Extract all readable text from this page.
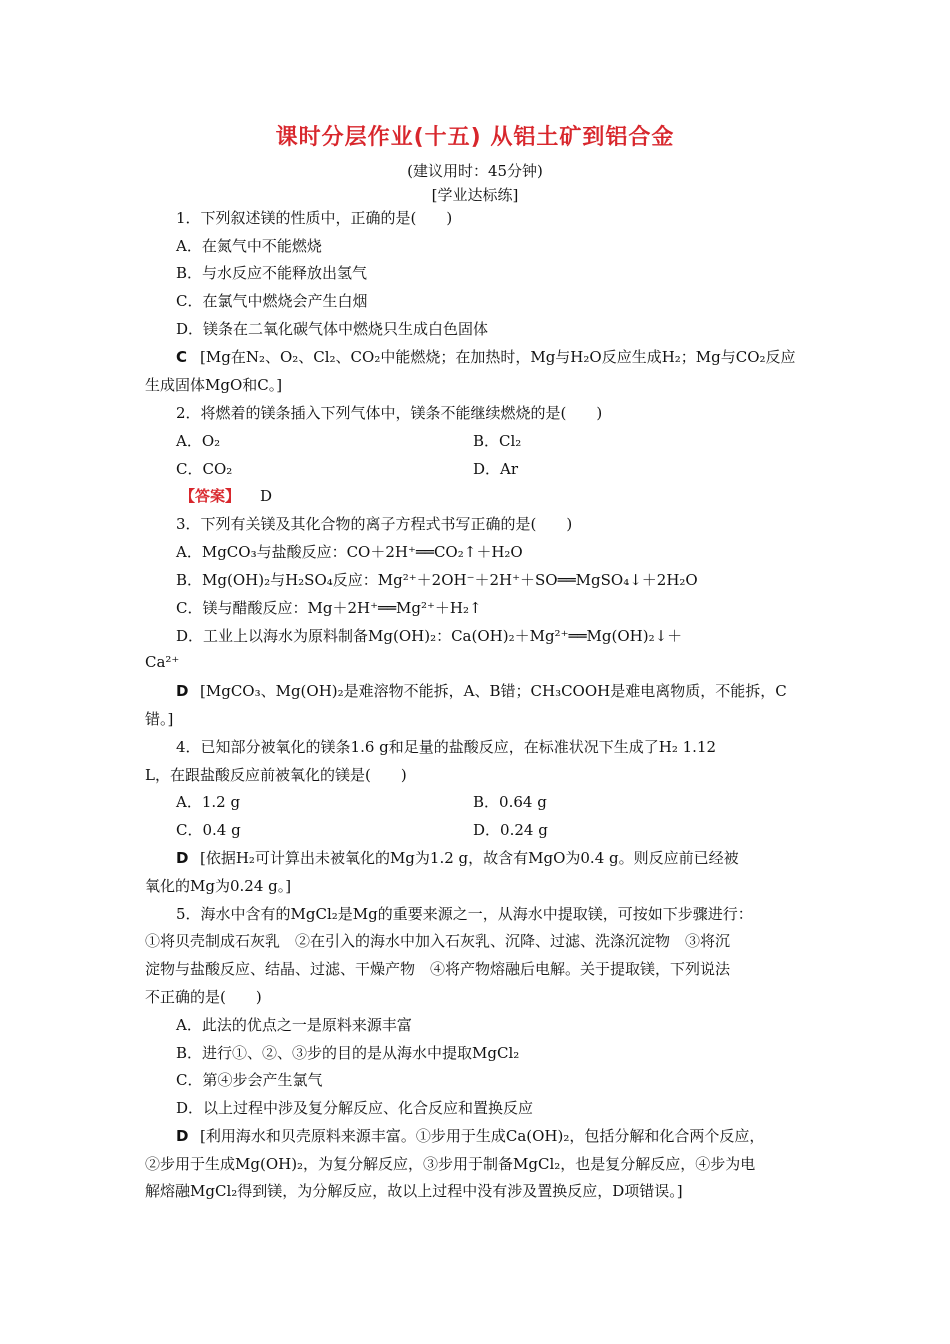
课时分层作业(十五) 从铝土矿到铝合金
(建议用时：45分钟)
[学业达标练]
1．下列叙述镁的性质中，正确的是(　　)
A．在氮气中不能燃烧
B．与水反应不能释放出氢气
C．在氯气中燃烧会产生白烟
D．镁条在二氧化碳气体中燃烧只生成白色固体
C [Mg在N₂、O₂、Cl₂、CO₂中能燃烧；在加热时，Mg与H₂O反应生成H₂；Mg与CO₂反应
生成固体MgO和C。]
2．将燃着的镁条插入下列气体中，镁条不能继续燃烧的是(　　)
A．O₂	B．Cl₂
C．CO₂	D．Ar
【答案】 D
3．下列有关镁及其化合物的离子方程式书写正确的是(　　)
A．MgCO₃与盐酸反应：CO＋2H⁺══CO₂↑＋H₂O
B．Mg(OH)₂与H₂SO₄反应：Mg²⁺＋2OH⁻＋2H⁺＋SO══MgSO₄↓＋2H₂O
C．镁与醋酸反应：Mg＋2H⁺══Mg²⁺＋H₂↑
D．工业上以海水为原料制备Mg(OH)₂：Ca(OH)₂＋Mg²⁺══Mg(OH)₂↓＋
Ca²⁺
D [MgCO₃、Mg(OH)₂是难溶物不能拆，A、B错；CH₃COOH是难电离物质，不能拆，C
错。]
4．已知部分被氧化的镁条1.6 g和足量的盐酸反应，在标准状况下生成了H₂ 1.12
L，在跟盐酸反应前被氧化的镁是(　　)
A．1.2 g	B．0.64 g
C．0.4 g	D．0.24 g
D [依据H₂可计算出未被氧化的Mg为1.2 g，故含有MgO为0.4 g。则反应前已经被
氧化的Mg为0.24 g。]
5．海水中含有的MgCl₂是Mg的重要来源之一，从海水中提取镁，可按如下步骤进行：
①将贝壳制成石灰乳　②在引入的海水中加入石灰乳、沉降、过滤、洗涤沉淀物　③将沉
淀物与盐酸反应、结晶、过滤、干燥产物　④将产物熔融后电解。关于提取镁，下列说法
不正确的是(　　)
A．此法的优点之一是原料来源丰富
B．进行①、②、③步的目的是从海水中提取MgCl₂
C．第④步会产生氯气
D．以上过程中涉及复分解反应、化合反应和置换反应
D [利用海水和贝壳原料来源丰富。①步用于生成Ca(OH)₂，包括分解和化合两个反应，
②步用于生成Mg(OH)₂，为复分解反应，③步用于制备MgCl₂，也是复分解反应，④步为电
解熔融MgCl₂得到镁，为分解反应，故以上过程中没有涉及置换反应，D项错误。]
